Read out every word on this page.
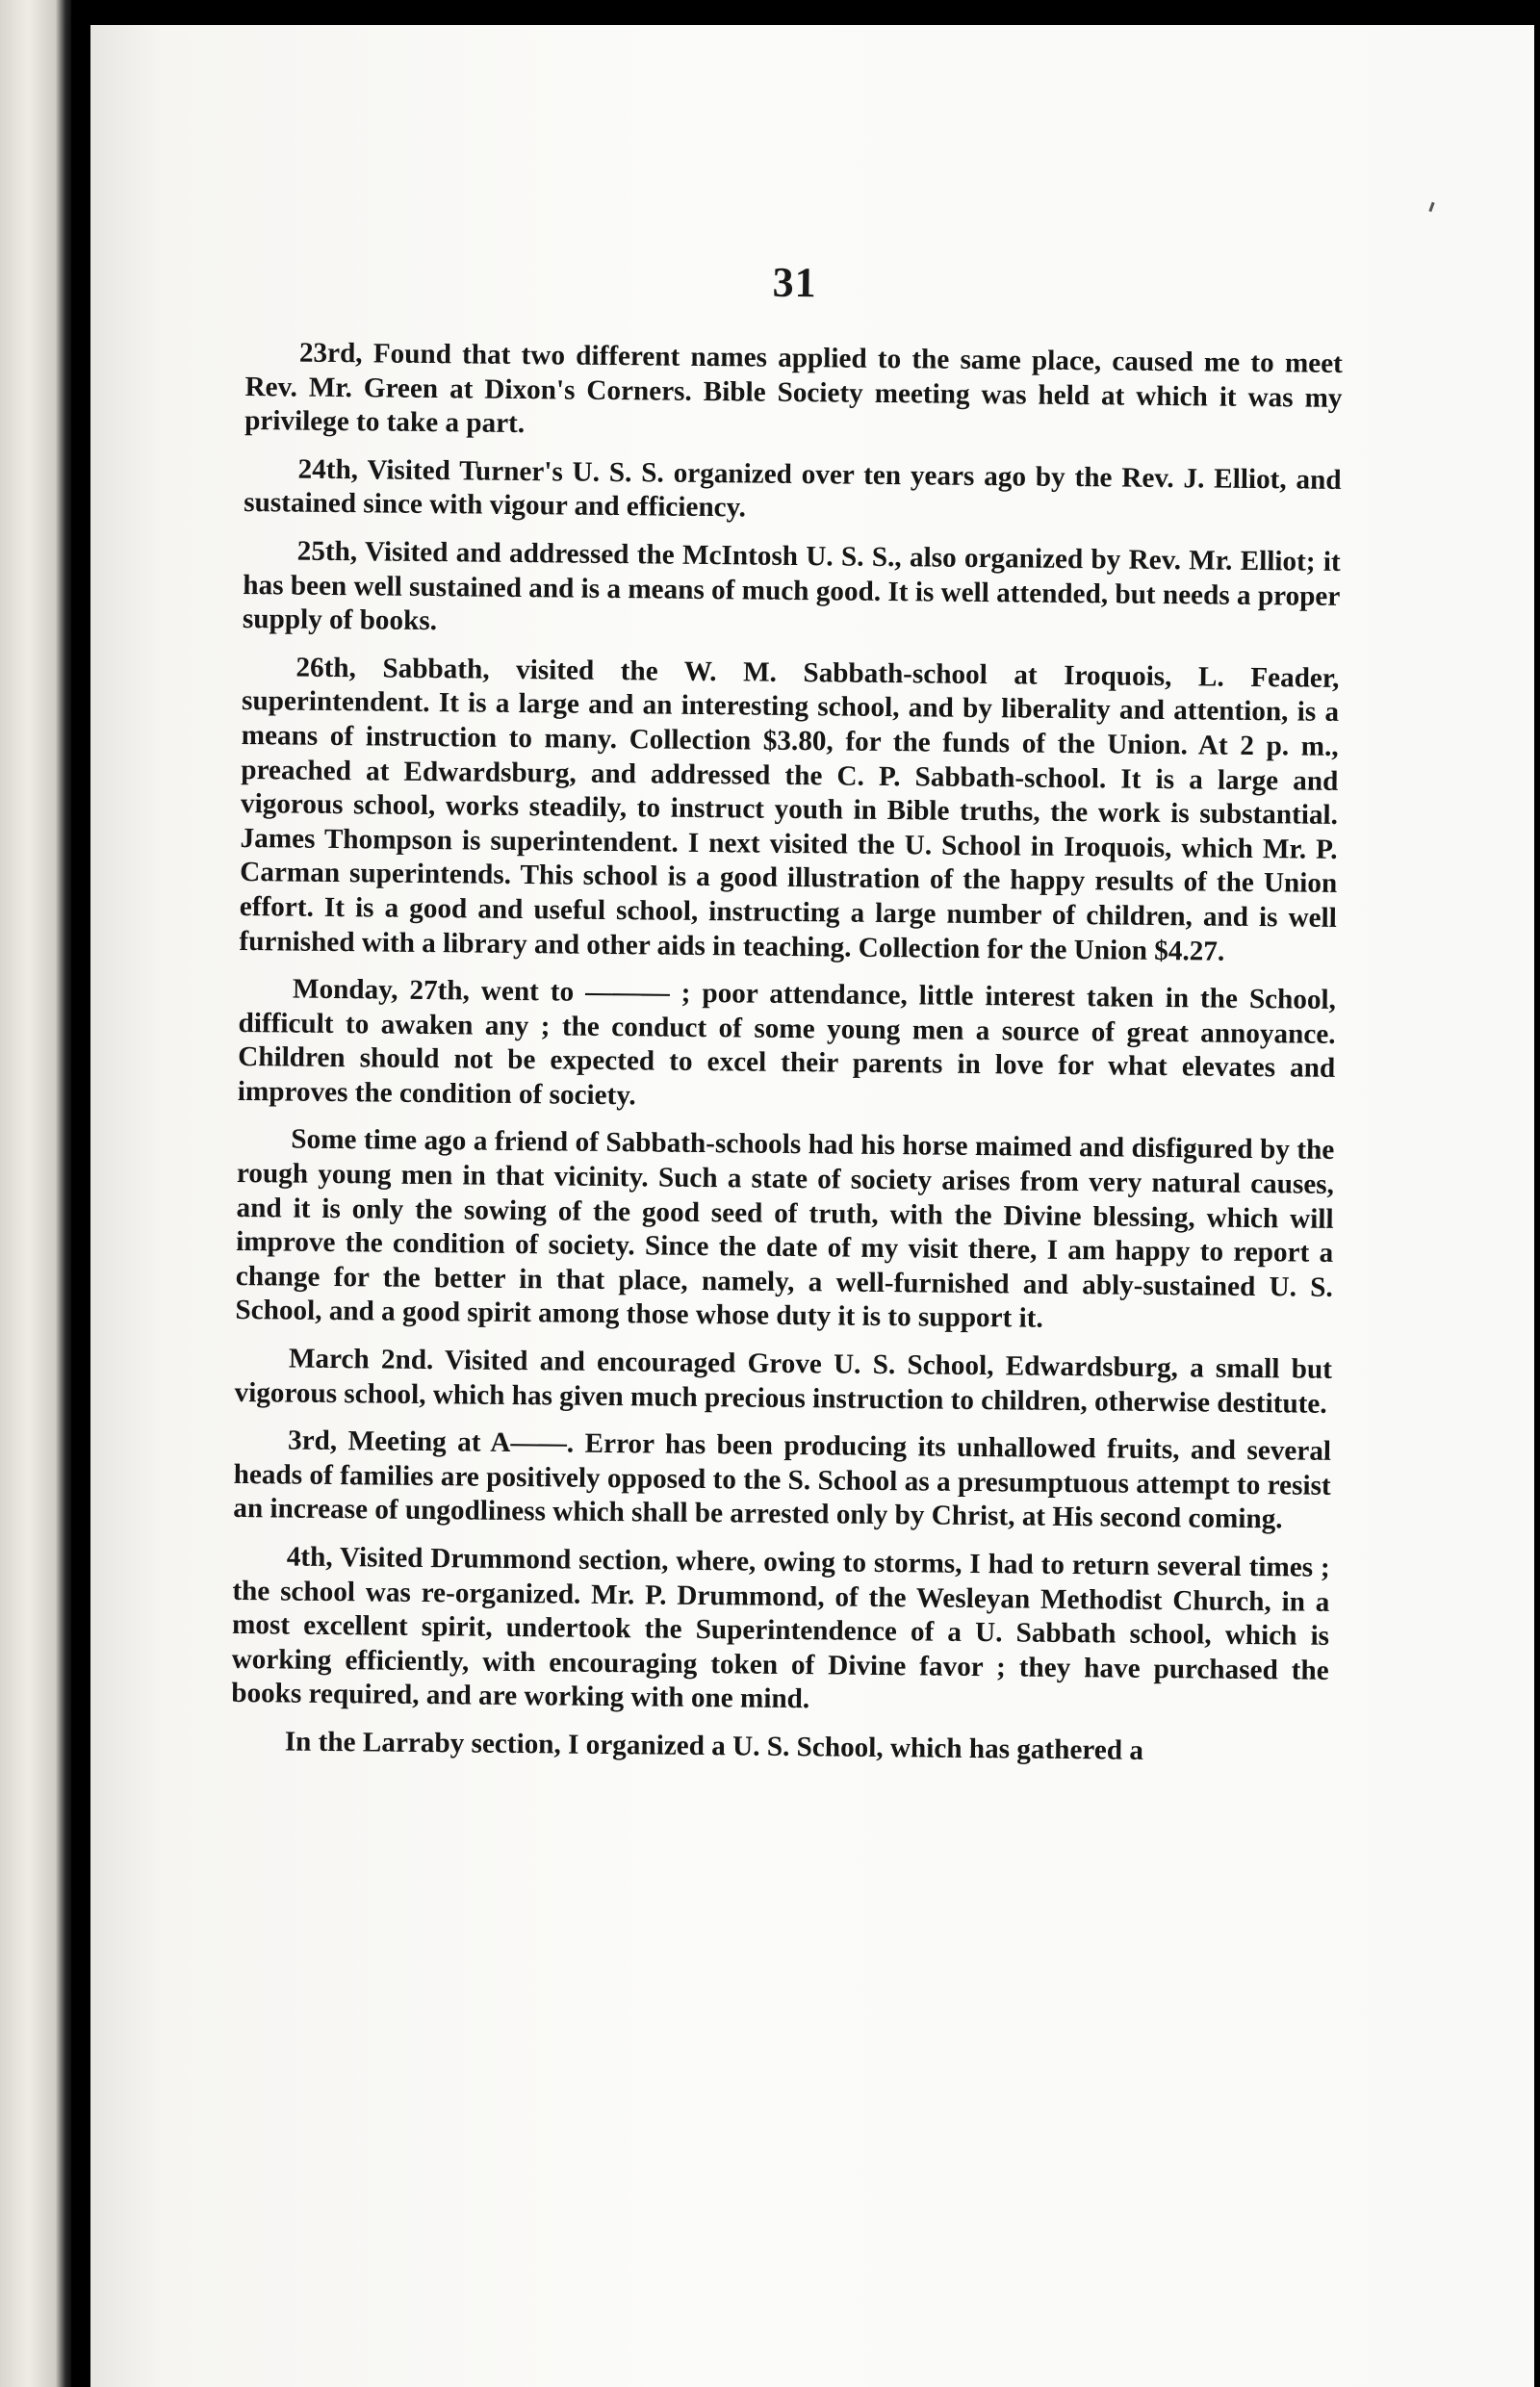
31

23rd, Found that two different names applied to the same place, caused me to meet Rev. Mr. Green at Dixon's Corners. Bible Society meeting was held at which it was my privilege to take a part.

24th, Visited Turner's U. S. S. organized over ten years ago by the Rev. J. Elliot, and sustained since with vigour and efficiency.

25th, Visited and addressed the McIntosh U. S. S., also organized by Rev. Mr. Elliot; it has been well sustained and is a means of much good. It is well attended, but needs a proper supply of books.

26th, Sabbath, visited the W. M. Sabbath-school at Iroquois, L. Feader, superintendent. It is a large and an interesting school, and by liberality and attention, is a means of instruction to many. Collection $3.80, for the funds of the Union. At 2 p. m., preached at Edwardsburg, and addressed the C. P. Sabbath-school. It is a large and vigorous school, works steadily, to instruct youth in Bible truths, the work is substantial. James Thompson is superintendent. I next visited the U. School in Iroquois, which Mr. P. Carman superintends. This school is a good illustration of the happy results of the Union effort. It is a good and useful school, instructing a large number of children, and is well furnished with a library and other aids in teaching. Collection for the Union $4.27.

Monday, 27th, went to ——— ; poor attendance, little interest taken in the School, difficult to awaken any ; the conduct of some young men a source of great annoyance. Children should not be expected to excel their parents in love for what elevates and improves the condition of society.

Some time ago a friend of Sabbath-schools had his horse maimed and disfigured by the rough young men in that vicinity. Such a state of society arises from very natural causes, and it is only the sowing of the good seed of truth, with the Divine blessing, which will improve the condition of society. Since the date of my visit there, I am happy to report a change for the better in that place, namely, a well-furnished and ably-sustained U. S. School, and a good spirit among those whose duty it is to support it.

March 2nd. Visited and encouraged Grove U. S. School, Edwardsburg, a small but vigorous school, which has given much precious instruction to children, otherwise destitute.

3rd, Meeting at A——. Error has been producing its unhallowed fruits, and several heads of families are positively opposed to the S. School as a presumptuous attempt to resist an increase of ungodliness which shall be arrested only by Christ, at His second coming.

4th, Visited Drummond section, where, owing to storms, I had to return several times ; the school was re-organized. Mr. P. Drummond, of the Wesleyan Methodist Church, in a most excellent spirit, undertook the Superintendence of a U. Sabbath school, which is working efficiently, with encouraging token of Divine favor ; they have purchased the books required, and are working with one mind.

In the Larraby section, I organized a U. S. School, which has gathered a
